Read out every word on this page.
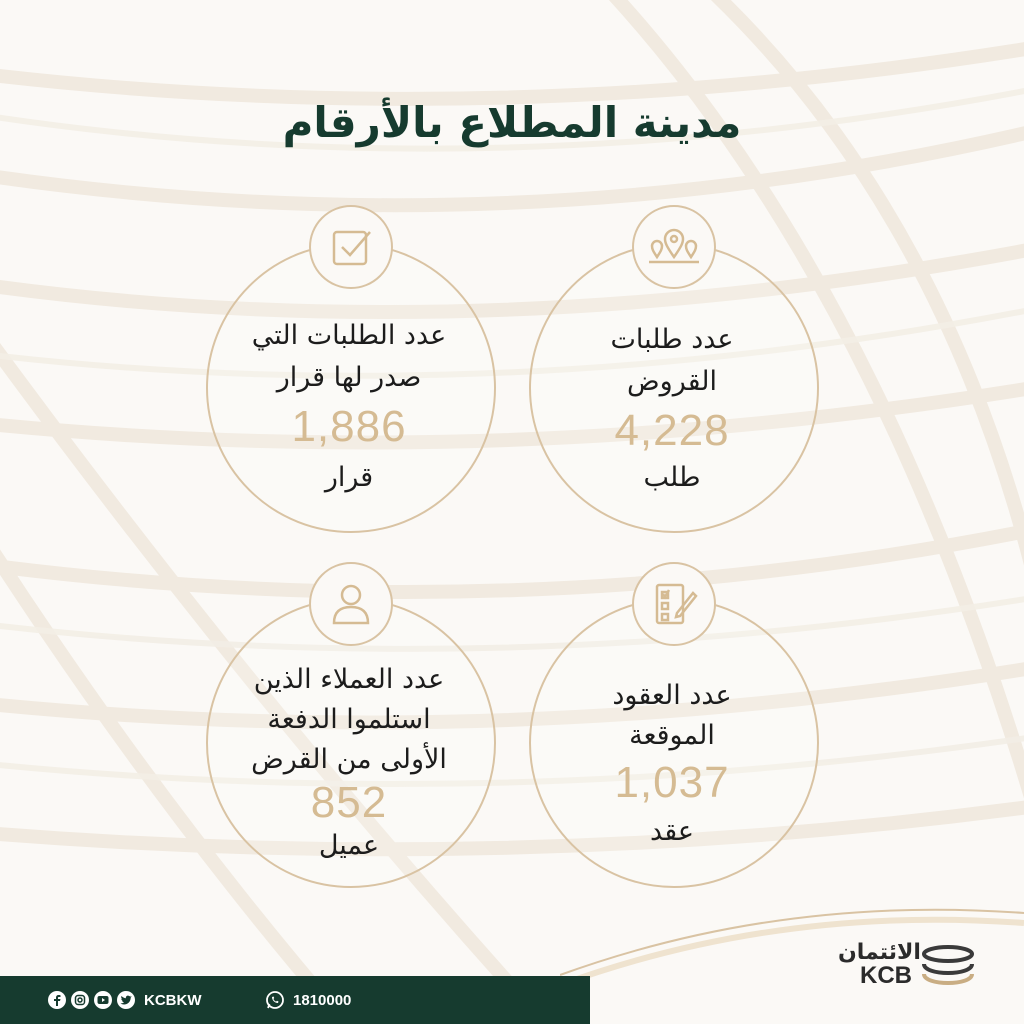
مدينة المطلاع بالأرقام
عدد طلبات
القروض
4,228
طلب
عدد الطلبات التي
صدر لها قرار
1,886
قرار
عدد العقود
الموقعة
1,037
عقد
عدد العملاء الذين
استلموا الدفعة
الأولى من القرض
852
عميل
KCBKW	1810000
الائتمان
KCB
